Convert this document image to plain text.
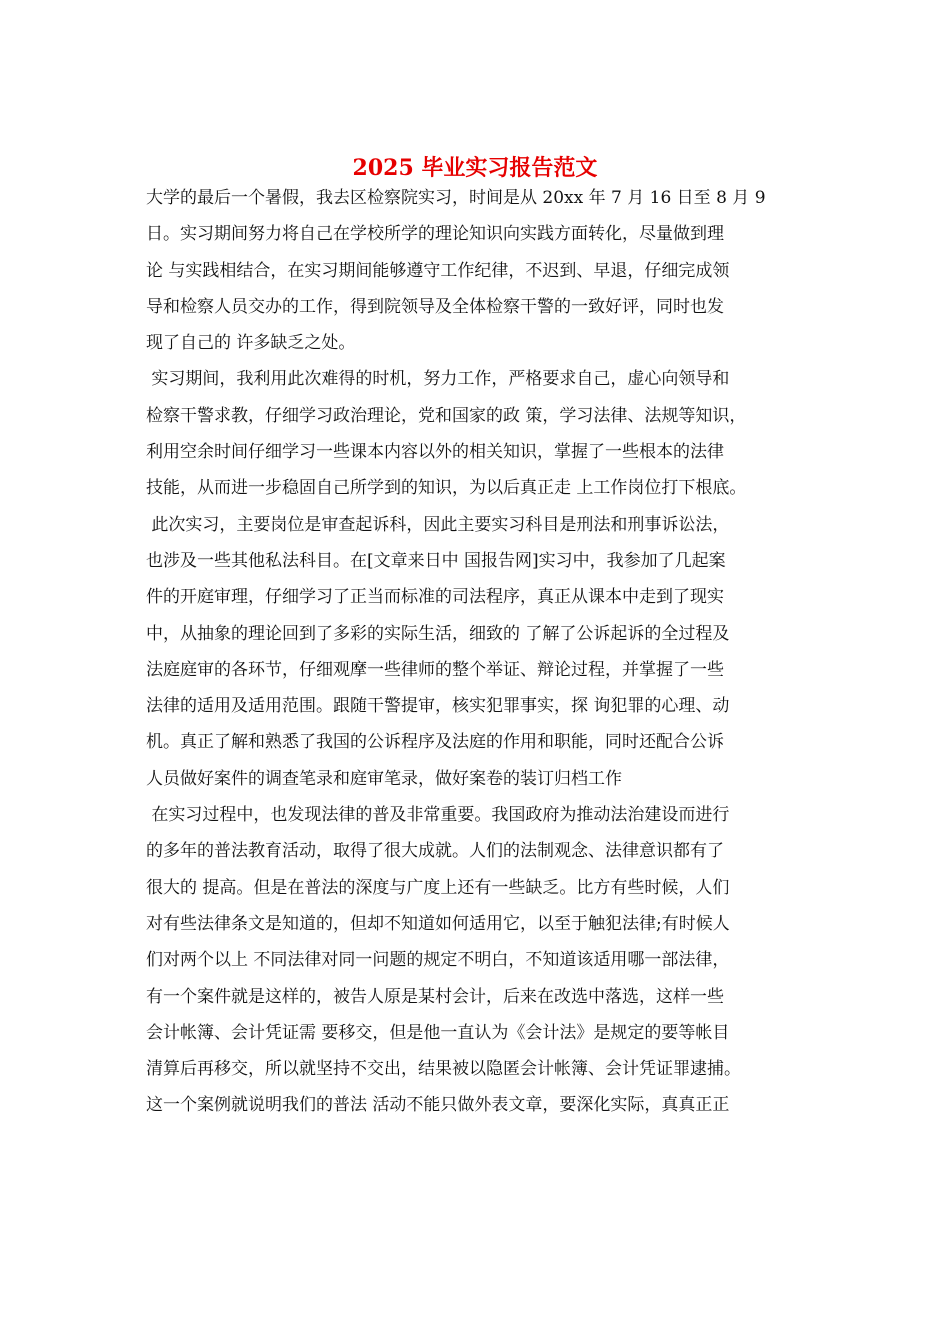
2025 毕业实习报告范文
大学的最后一个暑假，我去区检察院实习，时间是从 20xx 年 7 月 16 日至 8 月 9
日。实习期间努力将自己在学校所学的理论知识向实践方面转化，尽量做到理
论 与实践相结合，在实习期间能够遵守工作纪律，不迟到、早退，仔细完成领
导和检察人员交办的工作，得到院领导及全体检察干警的一致好评，同时也发
现了自己的 许多缺乏之处。
实习期间，我利用此次难得的时机，努力工作，严格要求自己，虚心向领导和
检察干警求教，仔细学习政治理论，党和国家的政 策，学习法律、法规等知识，
利用空余时间仔细学习一些课本内容以外的相关知识，掌握了一些根本的法律
技能，从而进一步稳固自己所学到的知识，为以后真正走 上工作岗位打下根底。
此次实习，主要岗位是审查起诉科，因此主要实习科目是刑法和刑事诉讼法，
也涉及一些其他私法科目。在[文章来日中 国报告网]实习中，我参加了几起案
件的开庭审理，仔细学习了正当而标准的司法程序，真正从课本中走到了现实
中，从抽象的理论回到了多彩的实际生活，细致的 了解了公诉起诉的全过程及
法庭庭审的各环节，仔细观摩一些律师的整个举证、辩论过程，并掌握了一些
法律的适用及适用范围。跟随干警提审，核实犯罪事实，探 询犯罪的心理、动
机。真正了解和熟悉了我国的公诉程序及法庭的作用和职能，同时还配合公诉
人员做好案件的调查笔录和庭审笔录，做好案卷的装订归档工作
在实习过程中，也发现法律的普及非常重要。我国政府为推动法治建设而进行
的多年的普法教育活动，取得了很大成就。人们的法制观念、法律意识都有了
很大的 提高。但是在普法的深度与广度上还有一些缺乏。比方有些时候，人们
对有些法律条文是知道的，但却不知道如何适用它，以至于触犯法律;有时候人
们对两个以上 不同法律对同一问题的规定不明白，不知道该适用哪一部法律，
有一个案件就是这样的，被告人原是某村会计，后来在改选中落选，这样一些
会计帐簿、会计凭证需 要移交，但是他一直认为《会计法》是规定的要等帐目
清算后再移交，所以就坚持不交出，结果被以隐匿会计帐簿、会计凭证罪逮捕。
这一个案例就说明我们的普法 活动不能只做外表文章，要深化实际，真真正正
